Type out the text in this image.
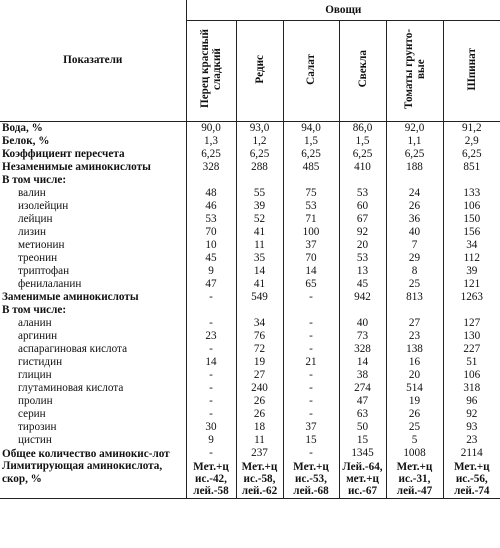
Показатели	Овощи					
	Перец красный сладкий	Редис	Салат	Свекла	Томаты грунто-вые	Шпинат
Вода, %	90,0	93,0	94,0	86,0	92,0	91,2
Белок, %	1,3	1,2	1,5	1,5	1,1	2,9
Коэффициент пересчета	6,25	6,25	6,25	6,25	6,25	6,25
Незаменимые аминокислоты	328	288	485	410	188	851
В том числе:						
валин	48	55	75	53	24	133
изолейцин	46	39	53	60	26	106
лейцин	53	52	71	67	36	150
лизин	70	41	100	92	40	156
метионин	10	11	37	20	7	34
треонин	45	35	70	53	29	112
триптофан	9	14	14	13	8	39
фенилаланин	47	41	65	45	25	121
Заменимые аминокислоты	-	549	-	942	813	1263
В том числе:						
аланин	-	34	-	40	27	127
аргинин	23	76	-	73	23	130
аспарагиновая кислота	-	72	-	328	138	227
гистидин	14	19	21	14	16	51
глицин	-	27	-	38	20	106
глутаминовая кислота	-	240	-	274	514	318
пролин	-	26	-	47	19	96
серин	-	26	-	63	26	92
тирозин	30	18	37	50	25	93
цистин	9	11	15	15	5	23
Общее количество аминокис-лот	-	237	-	1345	1008	2114
Лимитирующая аминокислота, скор, %	Мет.+ц ис.-42, лей.-58	Мет.+ц ис.-58, лей.-62	Мет.+ц ис.-53, лей.-68	Лей.-64, мет.+ц ис.-67	Мет.+ц ис.-31, лей.-47	Мет.+ц ис.-56, лей.-74
